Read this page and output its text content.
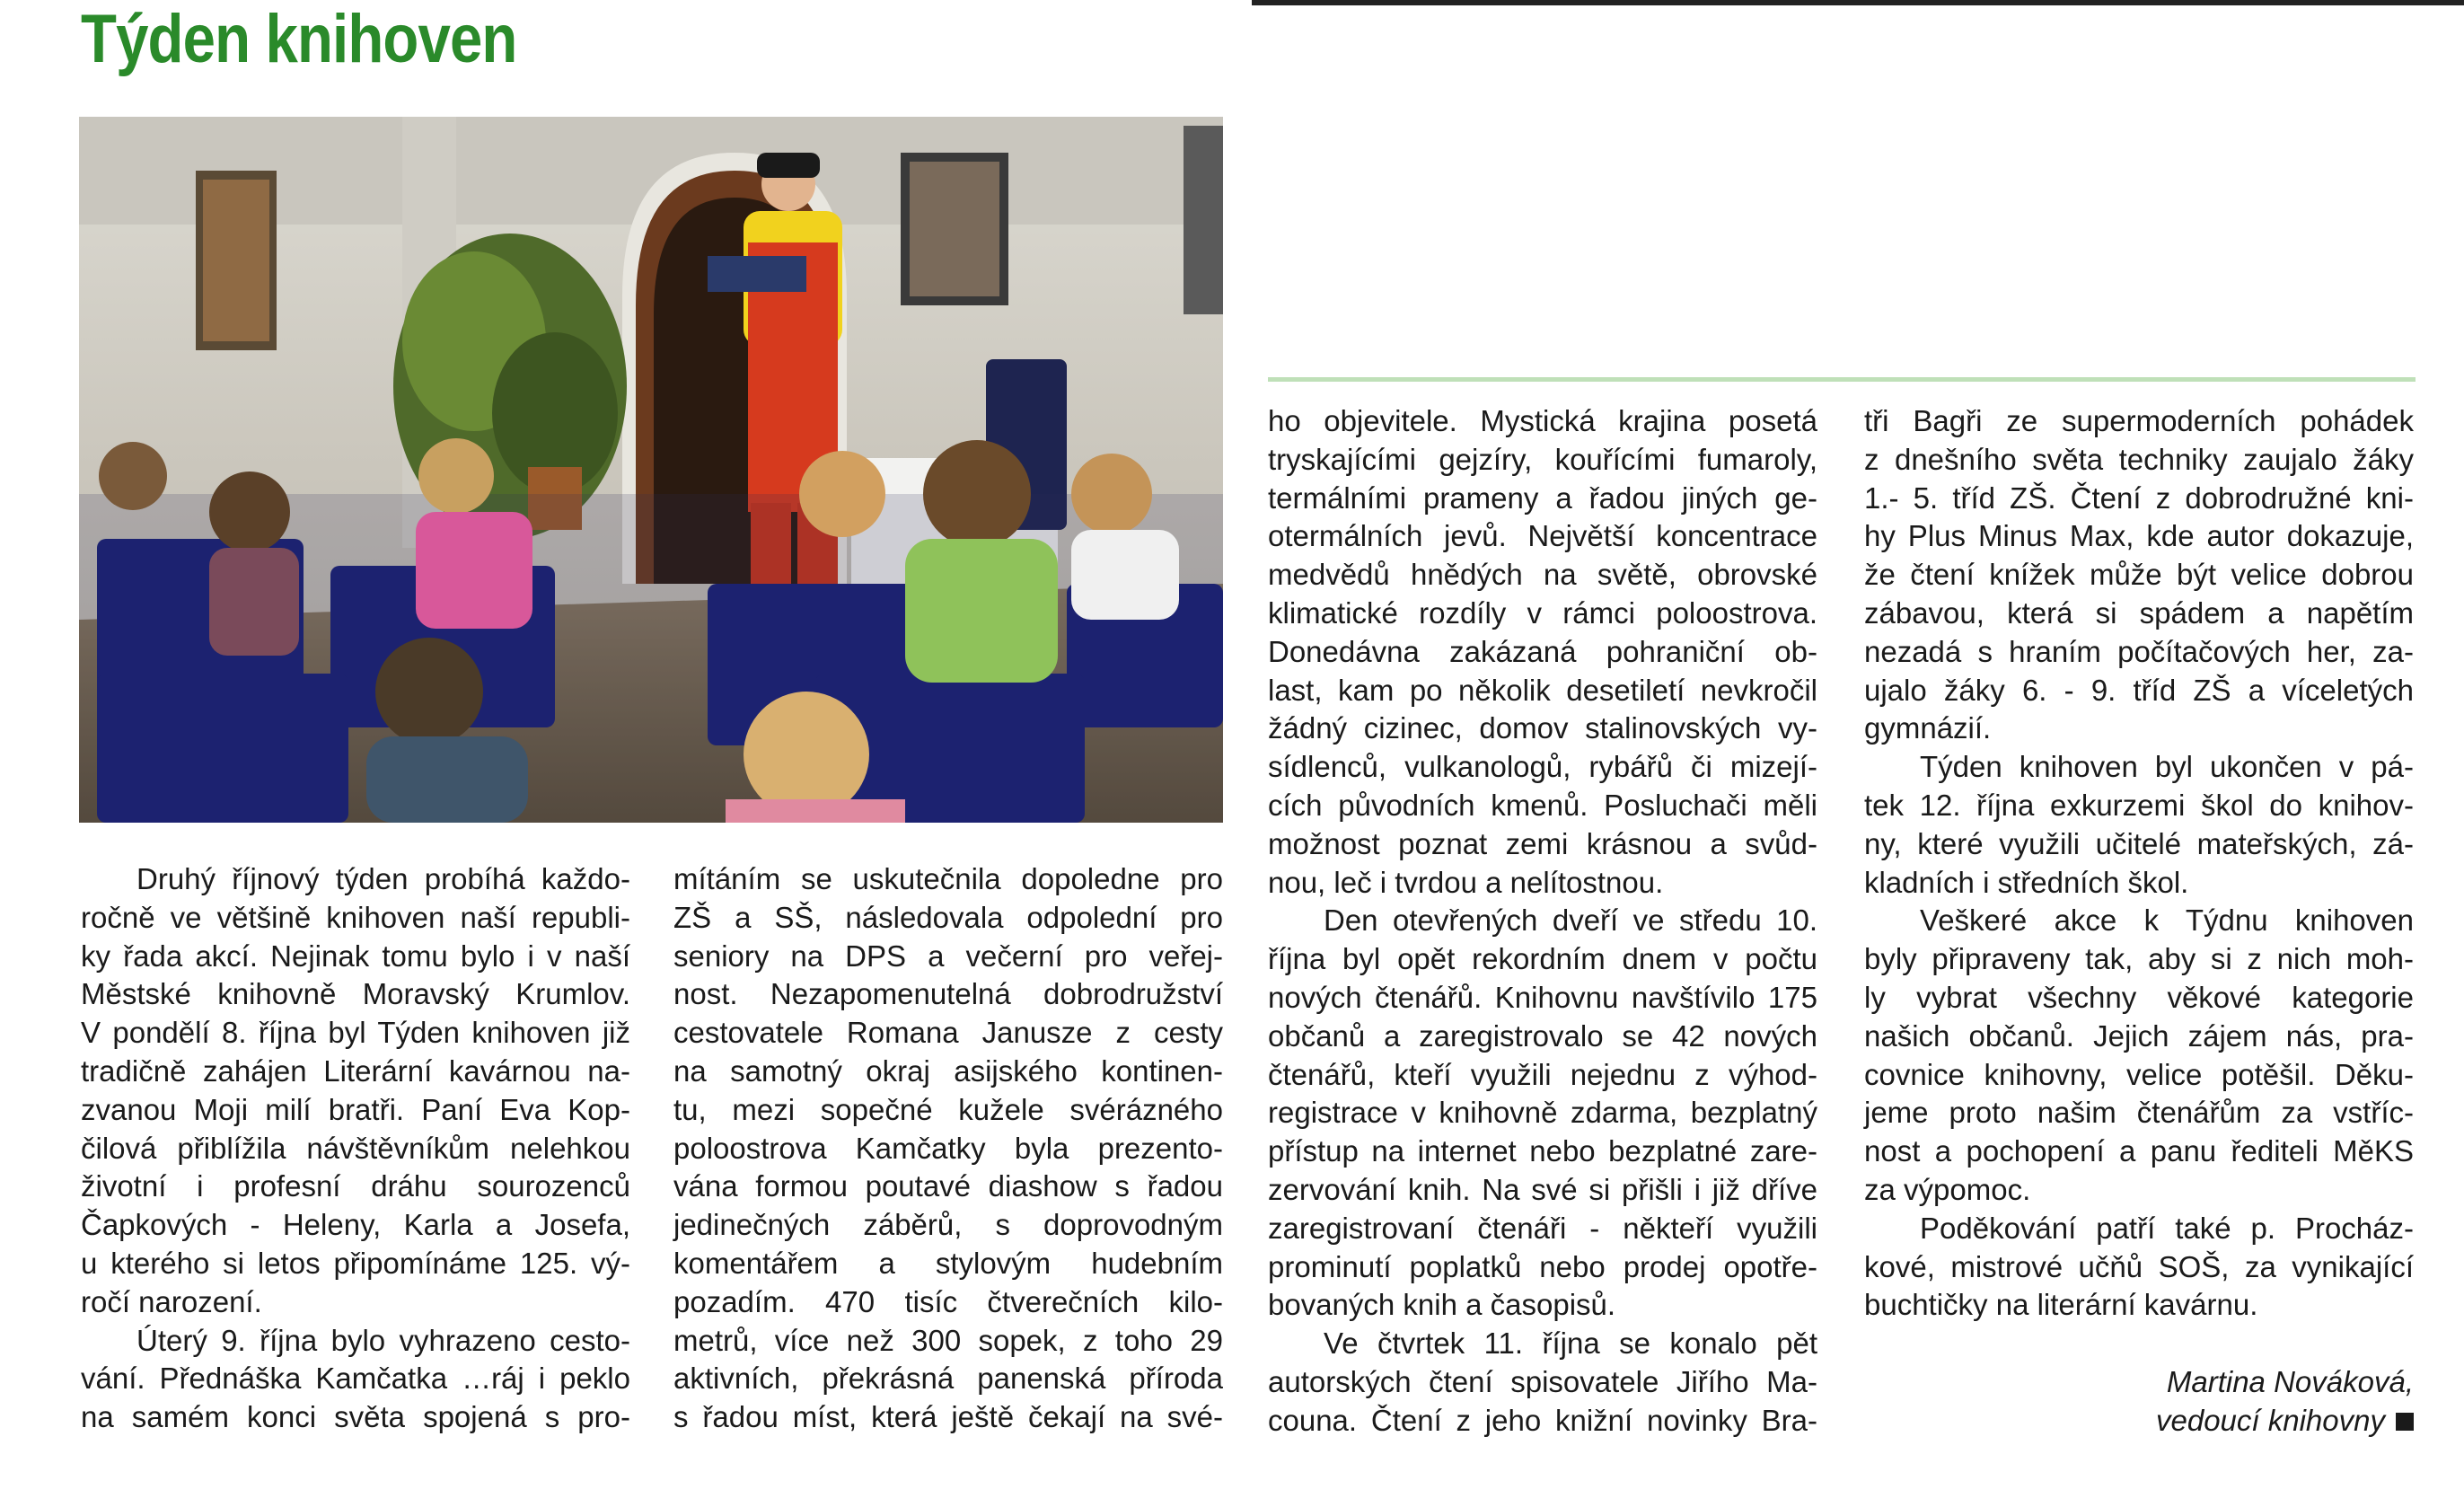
Týden knihoven
Druhý říjnový týden probíhá každo-
ročně ve většině knihoven naší republi-
ky řada akcí. Nejinak tomu bylo i v naší
Městské knihovně Moravský Krumlov.
V pondělí 8. října byl Týden knihoven již
tradičně zahájen Literární kavárnou na-
zvanou Moji milí bratři. Paní Eva Kop-
čilová přiblížila návštěvníkům nelehkou
životní i profesní dráhu sourozenců
Čapkových - Heleny, Karla a Josefa,
u kterého si letos připomínáme 125. vý-
ročí narození.
Úterý 9. října bylo vyhrazeno cesto-
vání. Přednáška Kamčatka …ráj i peklo
na samém konci světa spojená s pro-
mítáním se uskutečnila dopoledne pro
ZŠ a SŠ, následovala odpolední pro
seniory na DPS a večerní pro veřej-
nost. Nezapomenutelná dobrodružství
cestovatele Romana Janusze z cesty
na samotný okraj asijského kontinen-
tu, mezi sopečné kužele svérázného
poloostrova Kamčatky byla prezento-
vána formou poutavé diashow s řadou
jedinečných záběrů, s doprovodným
komentářem a stylovým hudebním
pozadím. 470 tisíc čtverečních kilo-
metrů, více než 300 sopek, z toho 29
aktivních, překrásná panenská příroda
s řadou míst, která ještě čekají na své-
ho objevitele. Mystická krajina posetá
tryskajícími gejzíry, kouřícími fumaroly,
termálními prameny a řadou jiných ge-
otermálních jevů. Největší koncentrace
medvědů hnědých na světě, obrovské
klimatické rozdíly v rámci poloostrova.
Donedávna zakázaná pohraniční ob-
last, kam po několik desetiletí nevkročil
žádný cizinec, domov stalinovských vy-
sídlenců, vulkanologů, rybářů či mizejí-
cích původních kmenů. Posluchači měli
možnost poznat zemi krásnou a svůd-
nou, leč i tvrdou a nelítostnou.
Den otevřených dveří ve středu 10.
října byl opět rekordním dnem v počtu
nových čtenářů. Knihovnu navštívilo 175
občanů a zaregistrovalo se 42 nových
čtenářů, kteří využili nejednu z výhod-
registrace v knihovně zdarma, bezplatný
přístup na internet nebo bezplatné zare-
zervování knih. Na své si přišli i již dříve
zaregistrovaní čtenáři - někteří využili
prominutí poplatků nebo prodej opotře-
bovaných knih a časopisů.
Ve čtvrtek 11. října se konalo pět
autorských čtení spisovatele Jiřího Ma-
couna. Čtení z jeho knižní novinky Bra-
tři Bagři ze supermoderních pohádek
z dnešního světa techniky zaujalo žáky
1.- 5. tříd ZŠ. Čtení z dobrodružné kni-
hy Plus Minus Max, kde autor dokazuje,
že čtení knížek může být velice dobrou
zábavou, která si spádem a napětím
nezadá s hraním počítačových her, za-
ujalo žáky 6. - 9. tříd ZŠ a víceletých
gymnázií.
Týden knihoven byl ukončen v pá-
tek 12. října exkurzemi škol do knihov-
ny, které využili učitelé mateřských, zá-
kladních i středních škol.
Veškeré akce k Týdnu knihoven
byly připraveny tak, aby si z nich moh-
ly vybrat všechny věkové kategorie
našich občanů. Jejich zájem nás, pra-
covnice knihovny, velice potěšil. Děku-
jeme proto našim čtenářům za vstříc-
nost a pochopení a panu řediteli MěKS
za výpomoc.
Poděkování patří také p. Procház-
kové, mistrové učňů SOŠ, za vynikající
buchtičky na literární kavárnu.
Martina Nováková,
vedoucí knihovny
